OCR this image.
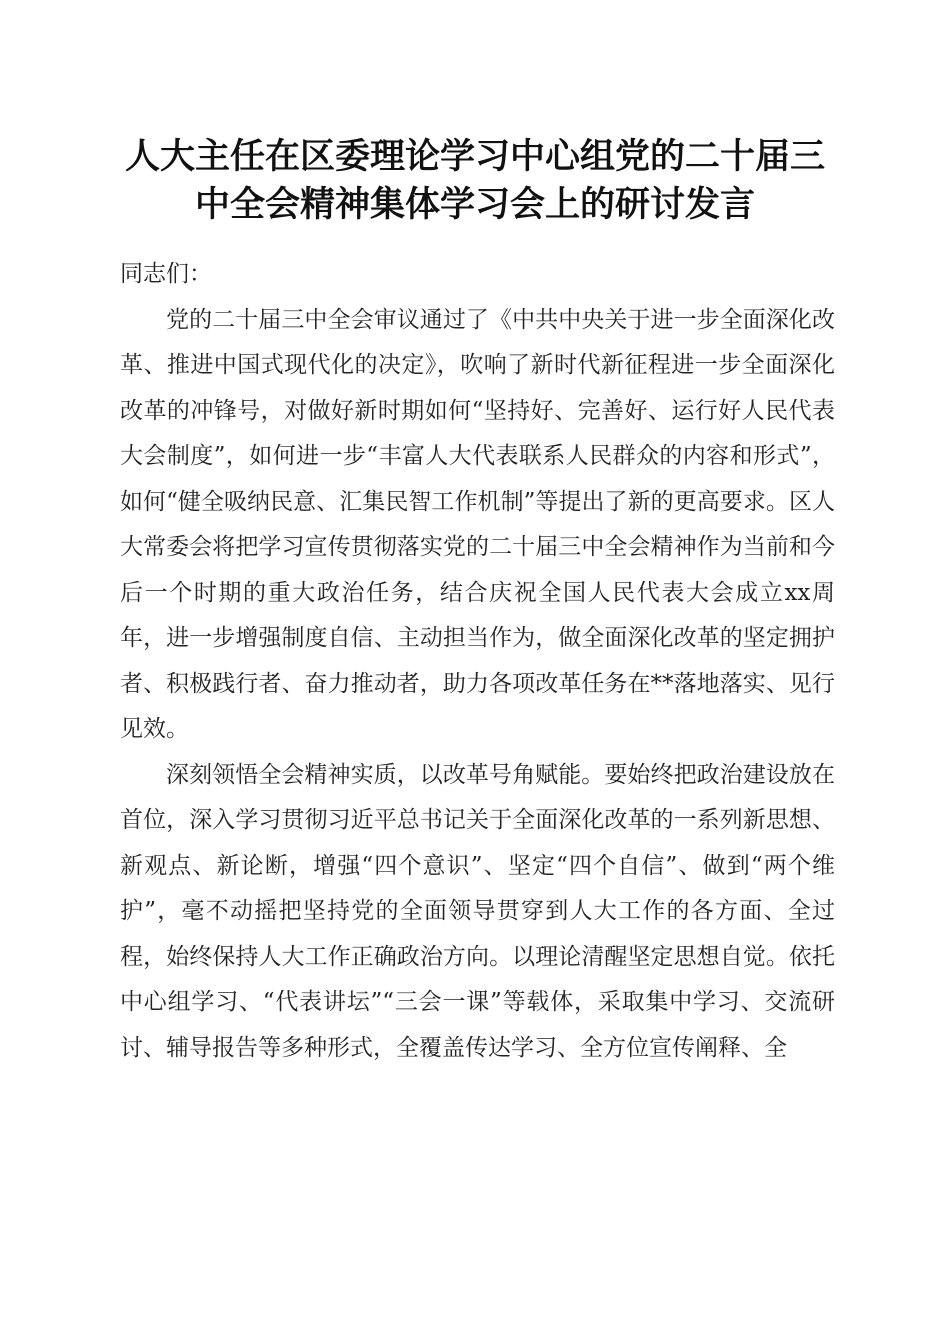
人大主任在区委理论学习中心组党的二十届三
中全会精神集体学习会上的研讨发言

同志们：

党的二十届三中全会审议通过了《中共中央关于进一步全面深化改革、推进中国式现代化的决定》，吹响了新时代新征程进一步全面深化改革的冲锋号，对做好新时期如何“坚持好、完善好、运行好人民代表大会制度”，如何进一步“丰富人大代表联系人民群众的内容和形式”，如何“健全吸纳民意、汇集民智工作机制”等提出了新的更高要求。区人大常委会将把学习宣传贯彻落实党的二十届三中全会精神作为当前和今后一个时期的重大政治任务，结合庆祝全国人民代表大会成立xx周年，进一步增强制度自信、主动担当作为，做全面深化改革的坚定拥护者、积极践行者、奋力推动者，助力各项改革任务在**落地落实、见行见效。

深刻领悟全会精神实质，以改革号角赋能。要始终把政治建设放在首位，深入学习贯彻习近平总书记关于全面深化改革的一系列新思想、新观点、新论断，增强“四个意识”、坚定“四个自信”、做到“两个维护”，毫不动摇把坚持党的全面领导贯穿到人大工作的各方面、全过程，始终保持人大工作正确政治方向。以理论清醒坚定思想自觉。依托中心组学习、“代表讲坛”“三会一课”等载体，采取集中学习、交流研讨、辅导报告等多种形式，全覆盖传达学习、全方位宣传阐释、全
